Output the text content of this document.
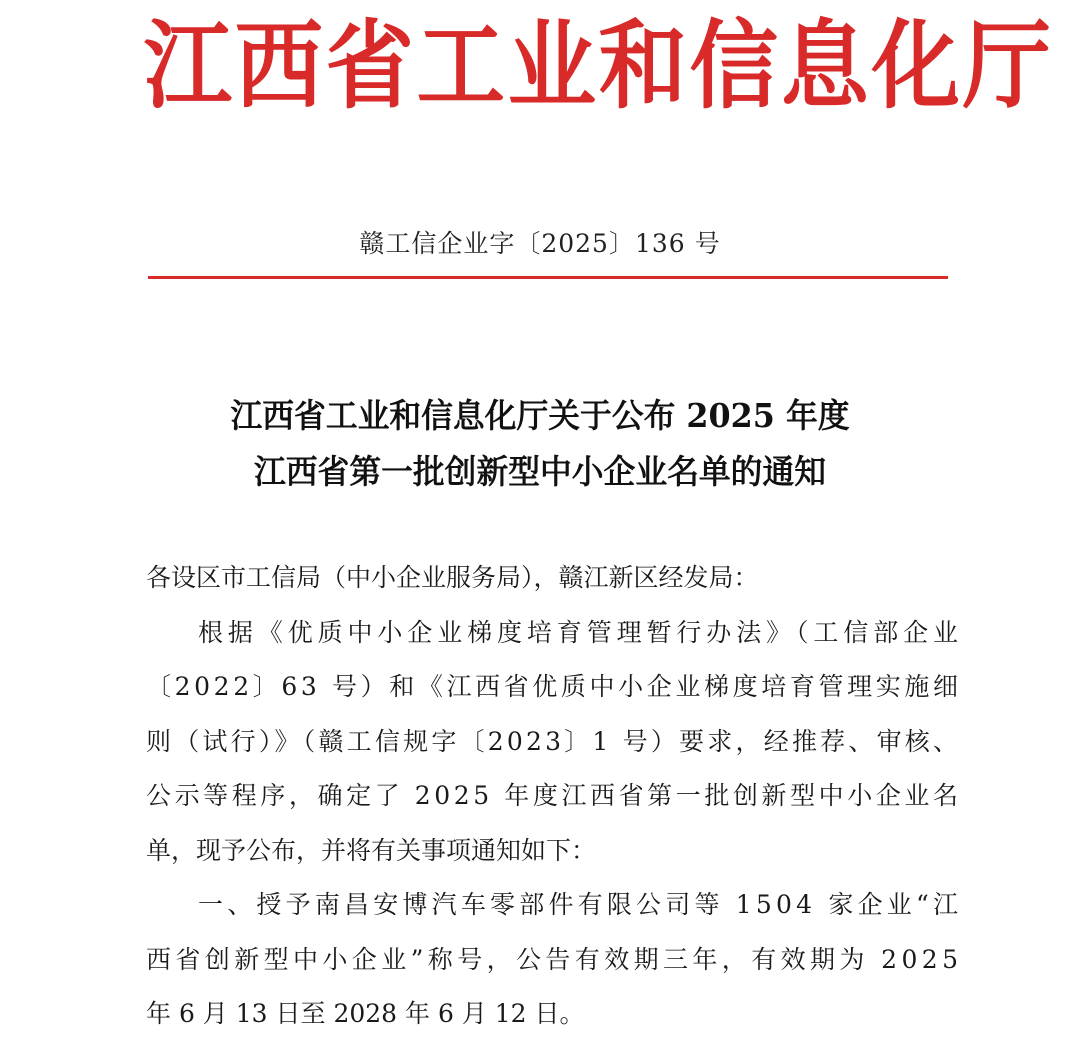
江 西 省 工 业 和 信 息 化 厅
赣工信企业字〔2025〕136 号
江西省工业和信息化厅关于公布 2025 年度
江西省第一批创新型中小企业名单的通知
各设区市工信局（中小企业服务局），赣江新区经发局：
根据《优质中小企业梯度培育管理暂行办法》（工信部企业
〔2022〕63 号）和《江西省优质中小企业梯度培育管理实施细
则（试行）》（赣工信规字〔2023〕1 号）要求，经推荐、审核、
公示等程序，确定了 2025 年度江西省第一批创新型中小企业名
单，现予公布，并将有关事项通知如下：
一、授予南昌安博汽车零部件有限公司等 1504 家企业“江
西省创新型中小企业”称号，公告有效期三年，有效期为 2025
年 6 月 13 日至 2028 年 6 月 12 日。
